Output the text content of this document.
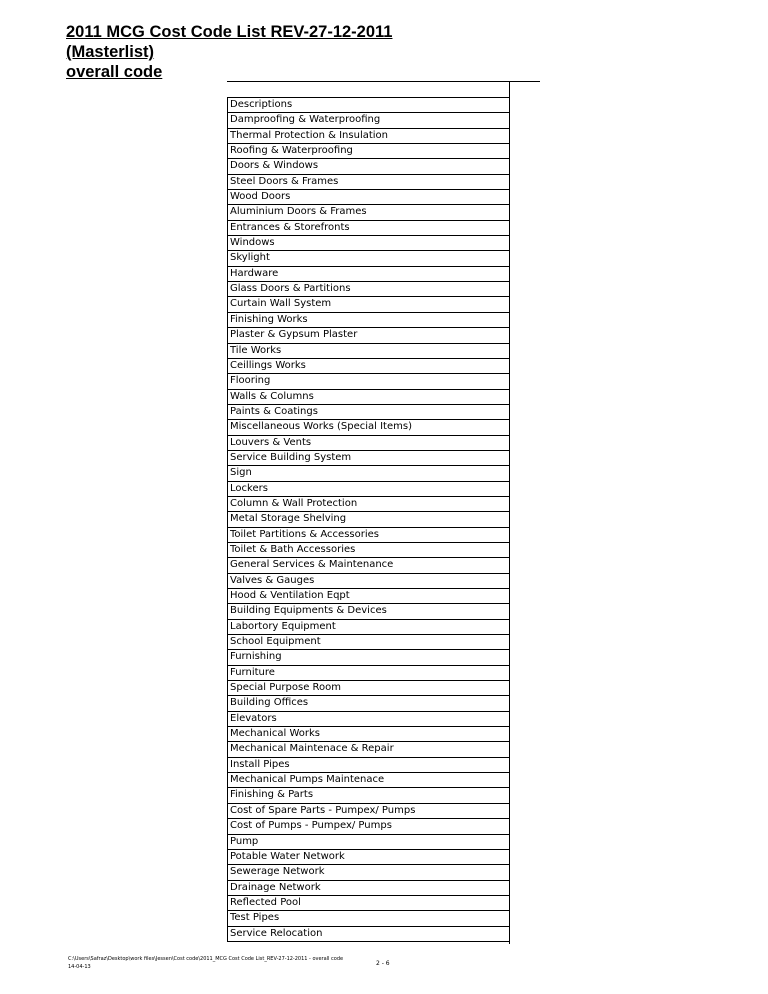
2011 MCG Cost Code List REV-27-12-2011
(Masterlist)
overall code
Descriptions
Damproofing & Waterproofing
Thermal Protection & Insulation
Roofing & Waterproofing
Doors & Windows
Steel Doors & Frames
Wood Doors
Aluminium Doors & Frames
Entrances & Storefronts
Windows
Skylight
Hardware
Glass Doors & Partitions
Curtain Wall System
Finishing Works
Plaster & Gypsum Plaster
Tile Works
Ceillings Works
Flooring
Walls & Columns
Paints & Coatings
Miscellaneous Works (Special Items)
Louvers & Vents
Service Building System
Sign
Lockers
Column & Wall Protection
Metal Storage Shelving
Toilet Partitions & Accessories
Toilet & Bath Accessories
General Services & Maintenance
Valves & Gauges
Hood & Ventilation Eqpt
Building Equipments & Devices
Labortory Equipment
School Equipment
Furnishing
Furniture
Special Purpose Room
Building Offices
Elevators
Mechanical Works
Mechanical Maintenace & Repair
Install Pipes
Mechanical Pumps Maintenace
Finishing & Parts
Cost of Spare Parts - Pumpex/ Pumps
Cost of Pumps - Pumpex/ Pumps
Pump
Potable Water Network
Sewerage Network
Drainage Network
Reflected Pool
Test Pipes
Service Relocation
C:\Users\Safraz\Desktop\work files\Jessen\Cost code\2011_MCG Cost Code List_REV-27-12-2011 - overall code
14-04-13	2 - 6
